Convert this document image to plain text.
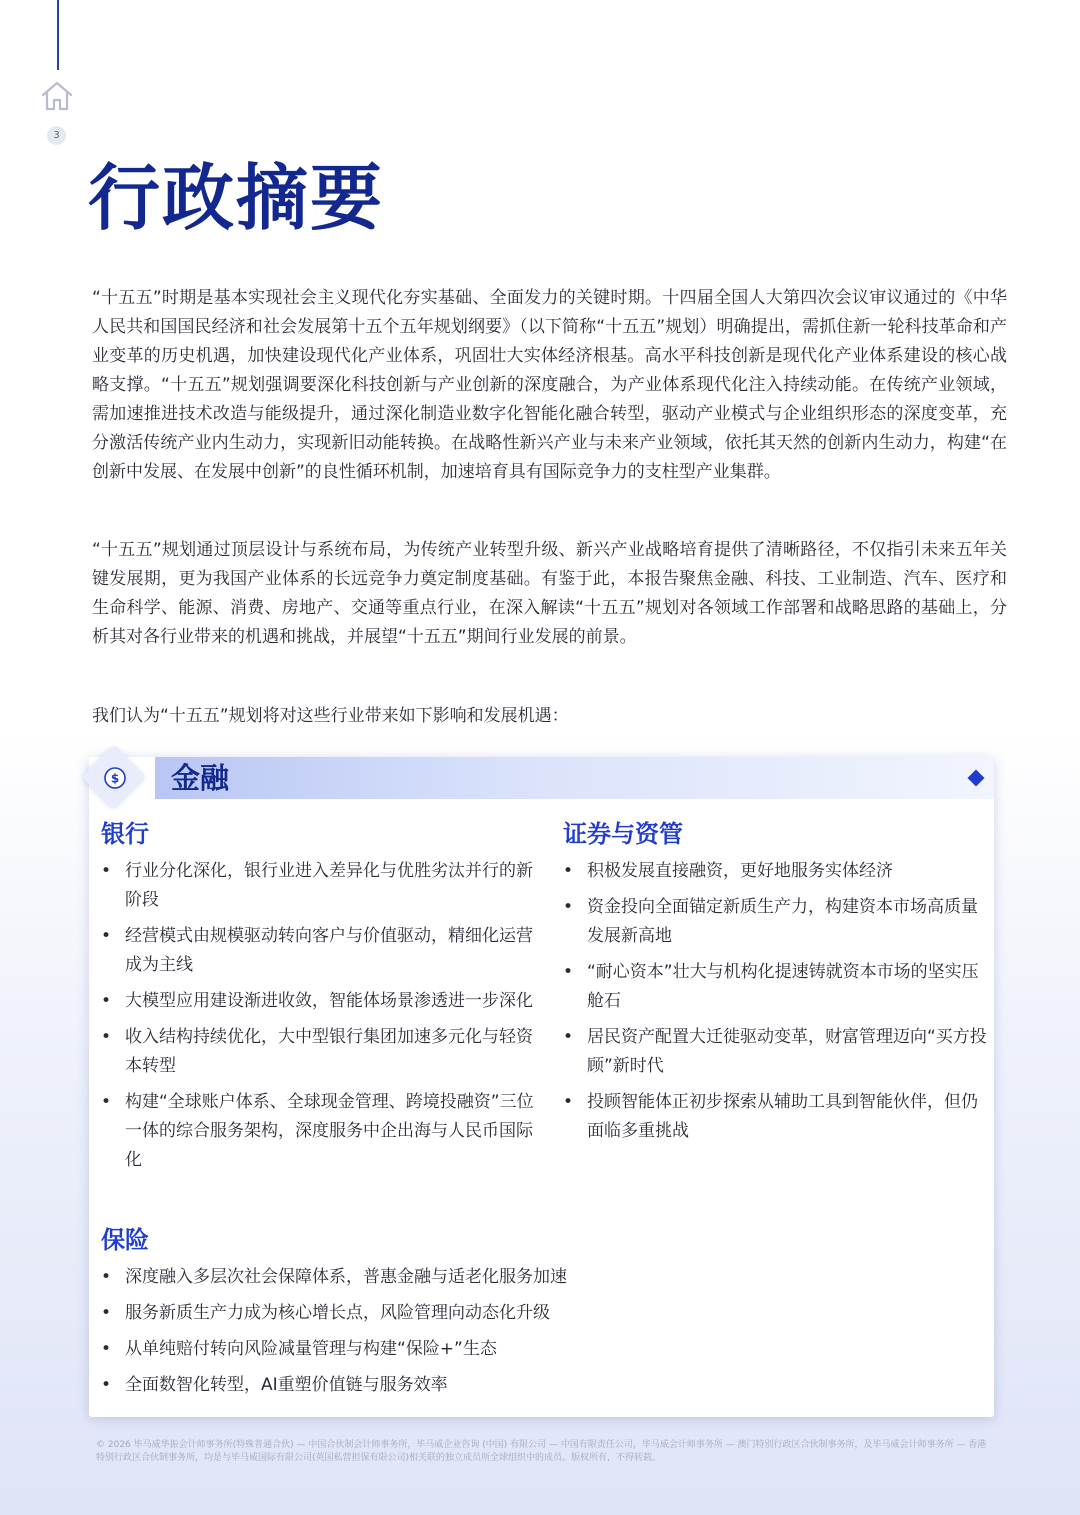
3
行政摘要

“十五五”时期是基本实现社会主义现代化夯实基础、全面发力的关键时期。十四届全国人大第四次会议审议通过的《中华人民共和国国民经济和社会发展第十五个五年规划纲要》（以下简称“十五五”规划）明确提出，需抓住新一轮科技革命和产业变革的历史机遇，加快建设现代化产业体系，巩固壮大实体经济根基。高水平科技创新是现代化产业体系建设的核心战略支撑。“十五五”规划强调要深化科技创新与产业创新的深度融合，为产业体系现代化注入持续动能。在传统产业领域，需加速推进技术改造与能级提升，通过深化制造业数字化智能化融合转型，驱动产业模式与企业组织形态的深度变革，充分激活传统产业内生动力，实现新旧动能转换。在战略性新兴产业与未来产业领域，依托其天然的创新内生动力，构建“在创新中发展、在发展中创新”的良性循环机制，加速培育具有国际竞争力的支柱型产业集群。

“十五五”规划通过顶层设计与系统布局，为传统产业转型升级、新兴产业战略培育提供了清晰路径，不仅指引未来五年关键发展期，更为我国产业体系的长远竞争力奠定制度基础。有鉴于此，本报告聚焦金融、科技、工业制造、汽车、医疗和生命科学、能源、消费、房地产、交通等重点行业，在深入解读“十五五”规划对各领域工作部署和战略思路的基础上，分析其对各行业带来的机遇和挑战，并展望“十五五”期间行业发展的前景。

我们认为“十五五”规划将对这些行业带来如下影响和发展机遇：

$ 金融
银行
• 行业分化深化，银行业进入差异化与优胜劣汰并行的新阶段
• 经营模式由规模驱动转向客户与价值驱动，精细化运营成为主线
• 大模型应用建设渐进收敛，智能体场景渗透进一步深化
• 收入结构持续优化，大中型银行集团加速多元化与轻资本转型
• 构建“全球账户体系、全球现金管理、跨境投融资”三位一体的综合服务架构，深度服务中企出海与人民币国际化
证券与资管
• 积极发展直接融资，更好地服务实体经济
• 资金投向全面锚定新质生产力，构建资本市场高质量发展新高地
• “耐心资本”壮大与机构化提速铸就资本市场的坚实压舱石
• 居民资产配置大迁徙驱动变革，财富管理迈向“买方投顾”新时代
• 投顾智能体正初步探索从辅助工具到智能伙伴，但仍面临多重挑战
保险
• 深度融入多层次社会保障体系，普惠金融与适老化服务加速
• 服务新质生产力成为核心增长点，风险管理向动态化升级
• 从单纯赔付转向风险减量管理与构建“保险+”生态
• 全面数智化转型，AI重塑价值链与服务效率

© 2026 毕马威华振会计师事务所(特殊普通合伙) — 中国合伙制会计师事务所，毕马威企业咨询 (中国) 有限公司 — 中国有限责任公司，毕马威会计师事务所 — 澳门特别行政区合伙制事务所，及毕马威会计师事务所 — 香港特别行政区合伙制事务所，均是与毕马威国际有限公司(英国私营担保有限公司)相关联的独立成员所全球组织中的成员。版权所有，不得转载。
